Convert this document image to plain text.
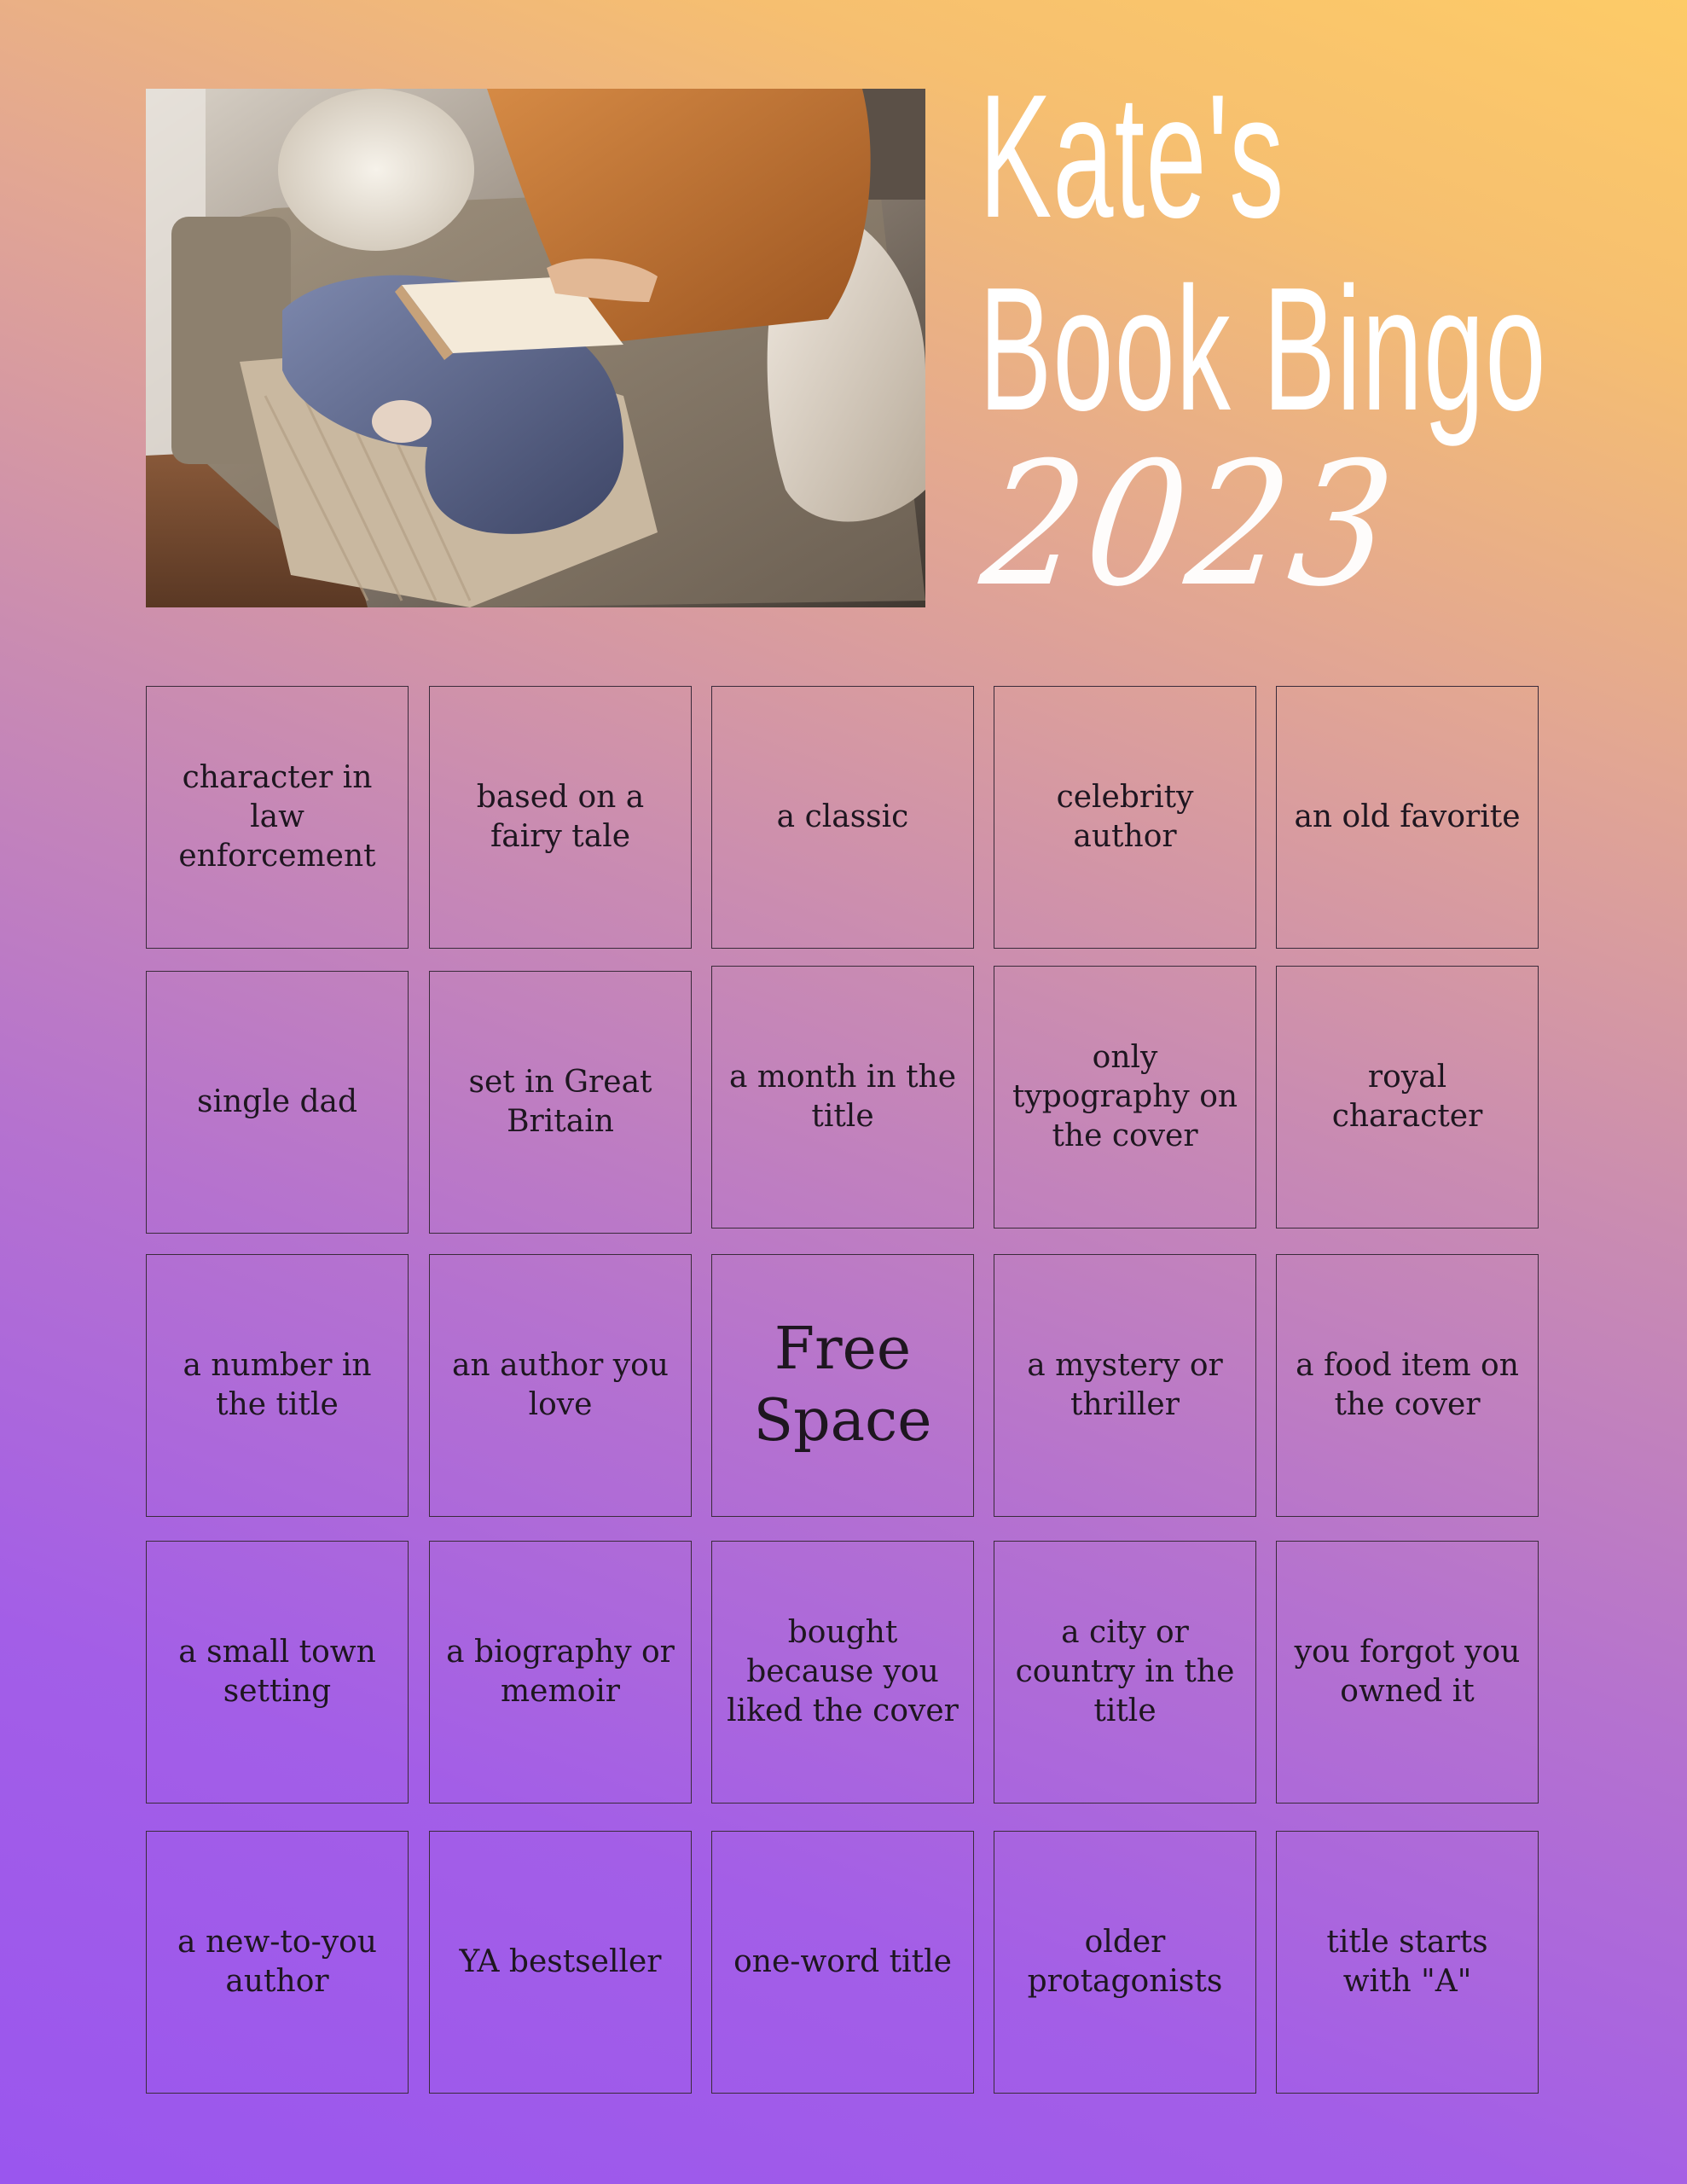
Kate's
Book Bingo
2023
character in law enforcement
based on a fairy tale
a classic
celebrity author
an old favorite
single dad
set in Great Britain
a month in the title
only typography on the cover
royal character
a number in the title
an author you love
Free Space
a mystery or thriller
a food item on the cover
a small town setting
a biography or memoir
bought because you liked the cover
a city or country in the title
you forgot you owned it
a new-to-you author
YA bestseller	one-word title
older protagonists
title starts with "A"
